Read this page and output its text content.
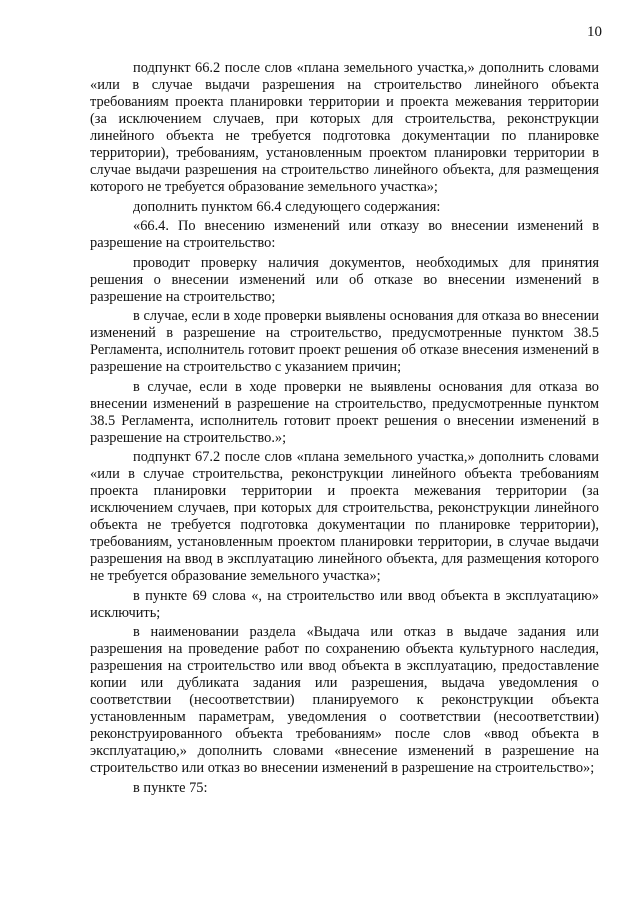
10

подпункт 66.2 после слов «плана земельного участка,» дополнить словами «или в случае выдачи разрешения на строительство линейного объекта требованиям проекта планировки территории и проекта межевания территории (за исключением случаев, при которых для строительства, реконструкции линейного объекта не требуется подготовка документации по планировке территории), требованиям, установленным проектом планировки территории в случае выдачи разрешения на строительство линейного объекта, для размещения которого не требуется образование земельного участка»;

дополнить пунктом 66.4 следующего содержания:

«66.4. По внесению изменений или отказу во внесении изменений в разрешение на строительство:

проводит проверку наличия документов, необходимых для принятия решения о внесении изменений или об отказе во внесении изменений в разрешение на строительство;

в случае, если в ходе проверки выявлены основания для отказа во внесении изменений в разрешение на строительство, предусмотренные пунктом 38.5 Регламента, исполнитель готовит проект решения об отказе внесения изменений в разрешение на строительство с указанием причин;

в случае, если в ходе проверки не выявлены основания для отказа во внесении изменений в разрешение на строительство, предусмотренные пунктом 38.5 Регламента, исполнитель готовит проект решения о внесении изменений в разрешение на строительство.»;

подпункт 67.2 после слов «плана земельного участка,» дополнить словами «или в случае строительства, реконструкции линейного объекта требованиям проекта планировки территории и проекта межевания территории (за исключением случаев, при которых для строительства, реконструкции линейного объекта не требуется подготовка документации по планировке территории), требованиям, установленным проектом планировки территории, в случае выдачи разрешения на ввод в эксплуатацию линейного объекта, для размещения которого не требуется образование земельного участка»;

в пункте 69 слова «, на строительство или ввод объекта в эксплуатацию» исключить;

в наименовании раздела «Выдача или отказ в выдаче задания или разрешения на проведение работ по сохранению объекта культурного наследия, разрешения на строительство или ввод объекта в эксплуатацию, предоставление копии или дубликата задания или разрешения, выдача уведомления о соответствии (несоответствии) планируемого к реконструкции объекта установленным параметрам, уведомления о соответствии (несоответствии) реконструированного объекта требованиям» после слов «ввод объекта в эксплуатацию,» дополнить словами «внесение изменений в разрешение на строительство или отказ во внесении изменений в разрешение на строительство»;

в пункте 75:
